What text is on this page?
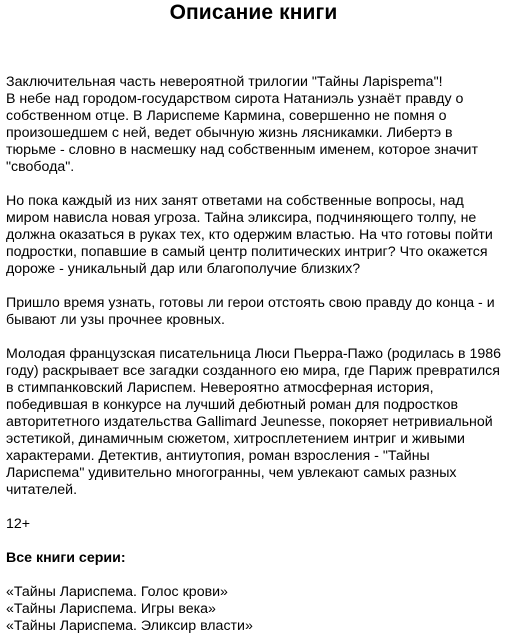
Описание книги

Заключительная часть невероятной трилогии "Тайны Ларispema"!
В небе над городом-государством сирота Натаниэль узнаёт правду о собственном отце. В Лариспеме Кармина, совершенно не помня о произошедшем с ней, ведет обычную жизнь лясникамки. Либертэ в тюрьме - словно в насмешку над собственным именем, которое значит "свобода".

Но пока каждый из них занят ответами на собственные вопросы, над миром нависла новая угроза. Тайна эликсира, подчиняющего толпу, не должна оказаться в руках тех, кто одержим властью. На что готовы пойти подростки, попавшие в самый центр политических интриг? Что окажется дороже - уникальный дар или благополучие близких?

Пришло время узнать, готовы ли герои отстоять свою правду до конца - и бывают ли узы прочнее кровных.

Молодая французская писательница Люси Пьерра-Пажо (родилась в 1986 году) раскрывает все загадки созданного ею мира, где Париж превратился в стимпанковский Лариспем. Невероятно атмосферная история, победившая в конкурсе на лучший дебютный роман для подростков авторитетного издательства Gallimard Jeunesse, покоряет нетривиальной эстетикой, динамичным сюжетом, хитросплетением интриг и живыми характерами. Детектив, антиутопия, роман взросления - "Тайны Лариспема" удивительно многогранны, чем увлекают самых разных читателей.

12+

Все книги серии:

«Тайны Лариспема. Голос крови»
«Тайны Лариспема. Игры века»
«Тайны Лариспема. Эликсир власти»
